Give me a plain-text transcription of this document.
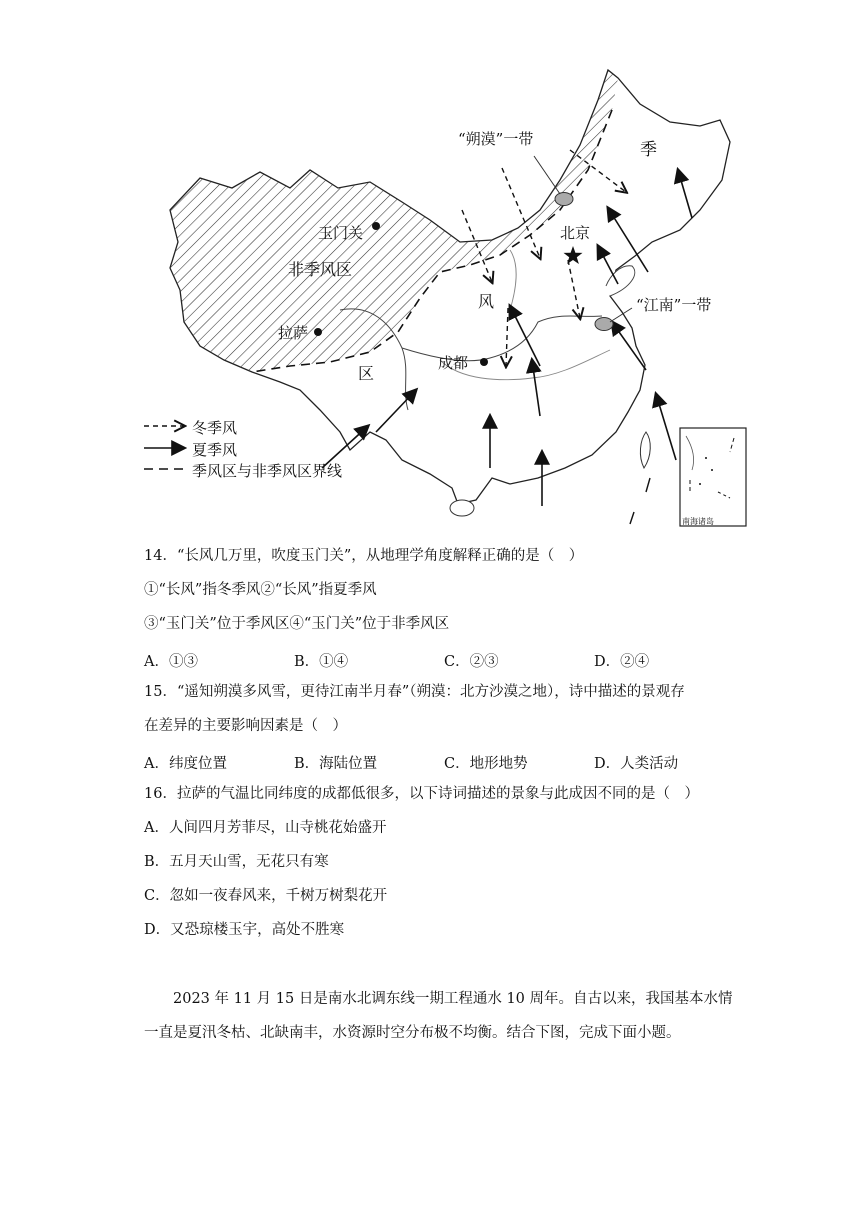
“朔漠”一带
季
玉门关	北京
非季风区
风	“江南”一带
拉萨
区
成都
南海诸岛
冬季风
夏季风
季风区与非季风区界线
14．“长风几万里，吹度玉门关”，从地理学角度解释正确的是（　）
①“长风”指冬季风②“长风”指夏季风
③“玉门关”位于季风区④“玉门关”位于非季风区
A．①③	B．①④	C．②③	D．②④
15．“遥知朔漠多风雪，更待江南半月春”（朔漠：北方沙漠之地），诗中描述的景观存
在差异的主要影响因素是（　）
A．纬度位置	B．海陆位置	C．地形地势	D．人类活动
16．拉萨的气温比同纬度的成都低很多，以下诗词描述的景象与此成因不同的是（　）
A．人间四月芳菲尽，山寺桃花始盛开
B．五月天山雪，无花只有寒
C．忽如一夜春风来，千树万树梨花开
D．又恐琼楼玉宇，高处不胜寒
2023 年 11 月 15 日是南水北调东线一期工程通水 10 周年。自古以来，我国基本水情一直是夏汛冬枯、北缺南丰，水资源时空分布极不均衡。结合下图，完成下面小题。
